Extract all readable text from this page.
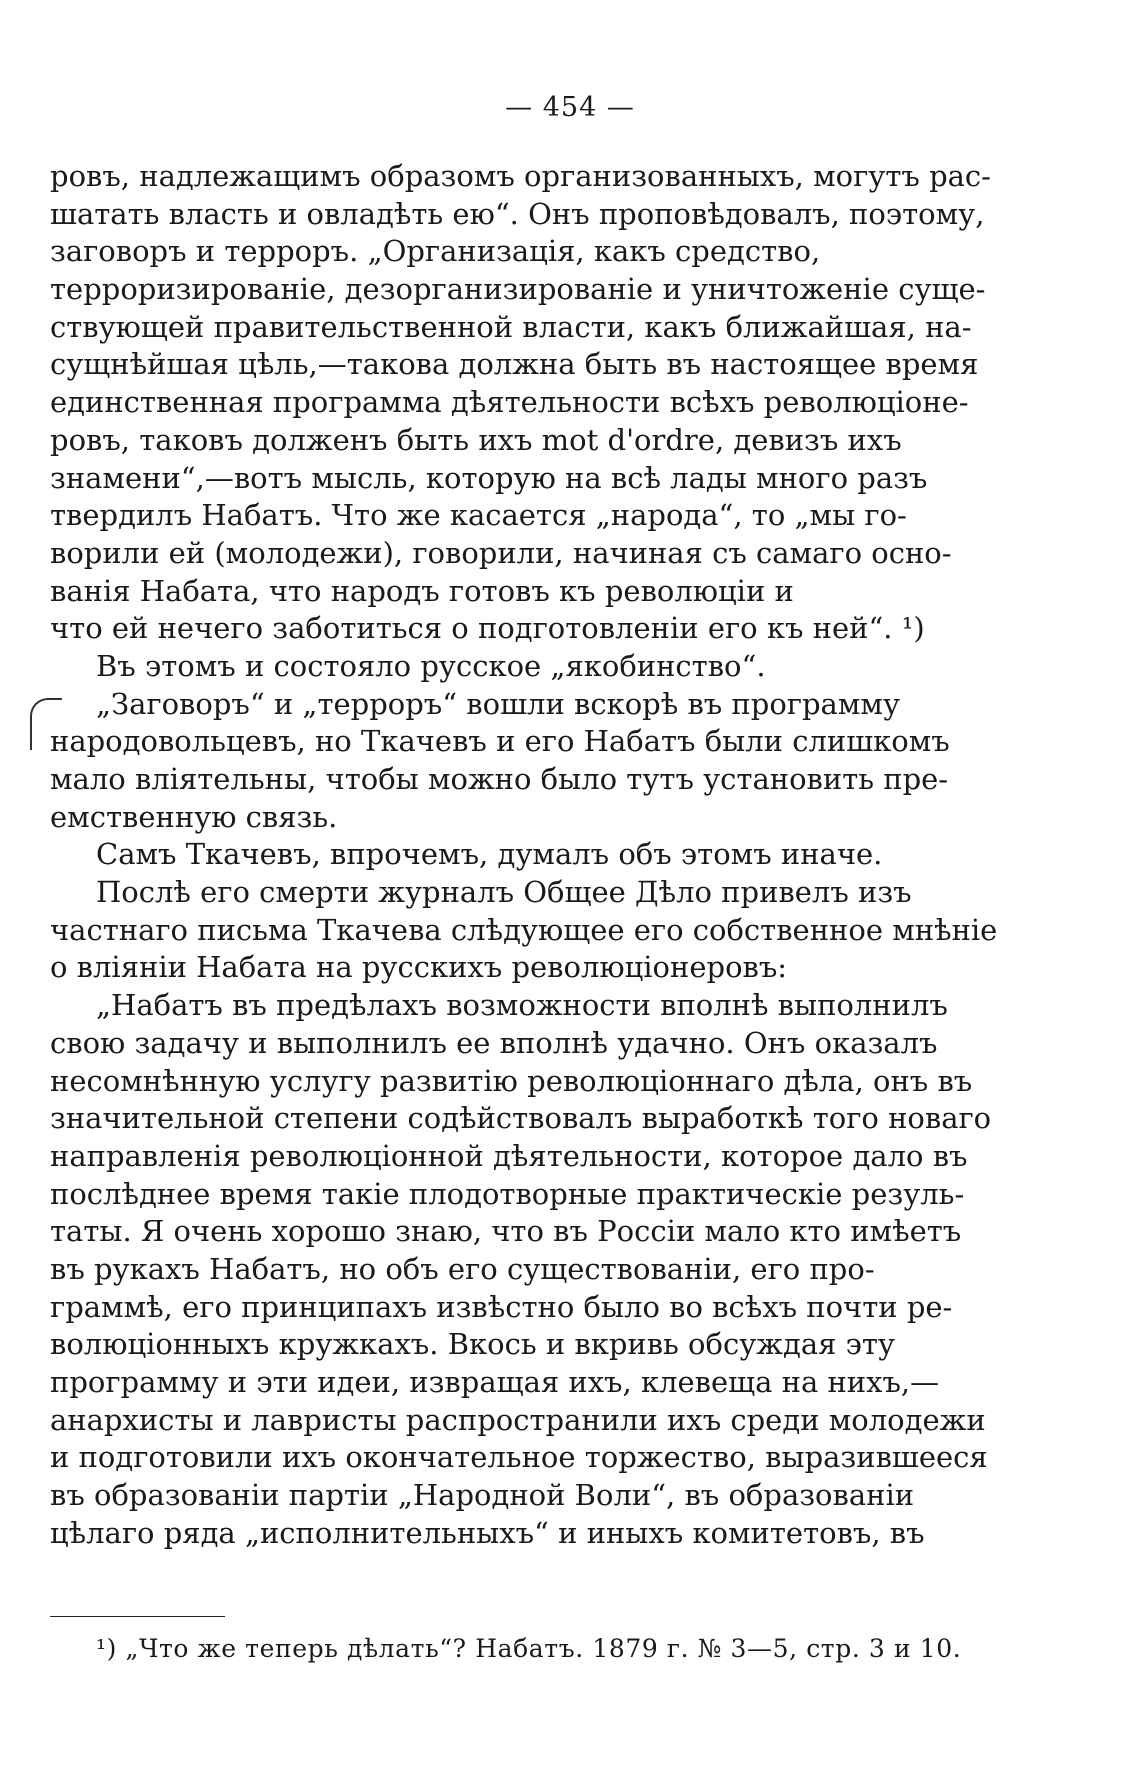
— 454 —
ровъ, надлежащимъ образомъ организованныхъ, могутъ рас-
шатать власть и овладѣть ею“. Онъ проповѣдовалъ, поэтому,
заговоръ и терроръ. „Организація, какъ средство,
терроризированіе, дезорганизированіе и уничтоженіе суще-
ствующей правительственной власти, какъ ближайшая, на-
сущнѣйшая цѣль,—такова должна быть въ настоящее время
единственная программа дѣятельности всѣхъ революціоне-
ровъ, таковъ долженъ быть ихъ mot d'ordre, девизъ ихъ
знамени“,—вотъ мысль, которую на всѣ лады много разъ
твердилъ Набатъ. Что же касается „народа“, то „мы го-
ворили ей (молодежи), говорили, начиная съ самаго осно-
ванія Набата, что народъ готовъ къ революціи и
что ей нечего заботиться о подготовленіи его къ ней“. ¹)
Въ этомъ и состояло русское „якобинство“.
„Заговоръ“ и „терроръ“ вошли вскорѣ въ программу
народовольцевъ, но Ткачевъ и его Набатъ были слишкомъ
мало вліятельны, чтобы можно было тутъ установить пре-
емственную связь.
Самъ Ткачевъ, впрочемъ, думалъ объ этомъ иначе.
Послѣ его смерти журналъ Общее Дѣло привелъ изъ
частнаго письма Ткачева слѣдующее его собственное мнѣніе
о вліяніи Набата на русскихъ революціонеровъ:
„Набатъ въ предѣлахъ возможности вполнѣ выполнилъ
свою задачу и выполнилъ ее вполнѣ удачно. Онъ оказалъ
несомнѣнную услугу развитію революціоннаго дѣла, онъ въ
значительной степени содѣйствовалъ выработкѣ того новаго
направленія революціонной дѣятельности, которое дало въ
послѣднее время такіе плодотворные практическіе резуль-
таты. Я очень хорошо знаю, что въ Россіи мало кто имѣетъ
въ рукахъ Набатъ, но объ его существованіи, его про-
граммѣ, его принципахъ извѣстно было во всѣхъ почти ре-
волюціонныхъ кружкахъ. Вкось и вкривь обсуждая эту
программу и эти идеи, извращая ихъ, клевеща на нихъ,—
анархисты и лавристы распространили ихъ среди молодежи
и подготовили ихъ окончательное торжество, выразившееся
въ образованіи партіи „Народной Воли“, въ образованіи
цѣлаго ряда „исполнительныхъ“ и иныхъ комитетовъ, въ
¹) „Что же теперь дѣлать“? Набатъ. 1879 г. № 3—5, стр. 3 и 10.
